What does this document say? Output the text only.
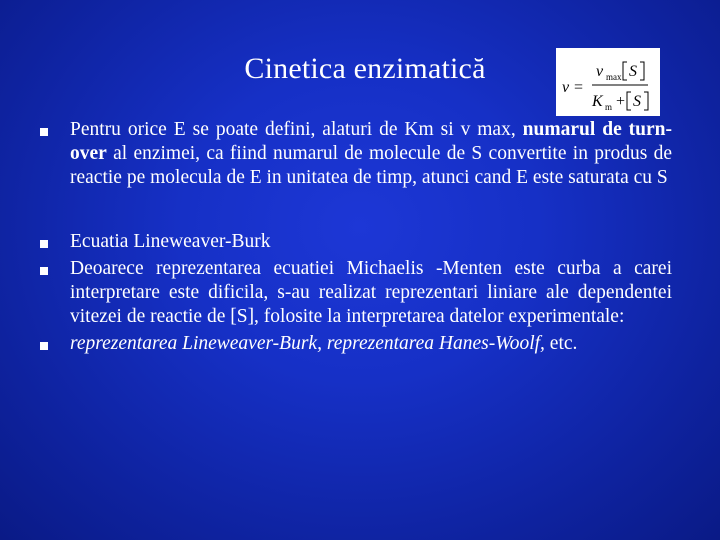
Cinetica enzimatică
v =
v max S
K m + S
Pentru orice E se poate defini, alaturi de Km si v max, numarul de turn-over al enzimei, ca fiind numarul de molecule de S convertite in produs de reactie pe molecula de E in unitatea de timp, atunci cand E este saturata cu S
Ecuatia Lineweaver-Burk
Deoarece reprezentarea ecuatiei Michaelis -Menten este curba a carei interpretare este dificila, s-au realizat reprezentari liniare ale dependentei vitezei de reactie de [S], folosite la interpretarea datelor experimentale:
reprezentarea Lineweaver-Burk, reprezentarea Hanes-Woolf, etc.
